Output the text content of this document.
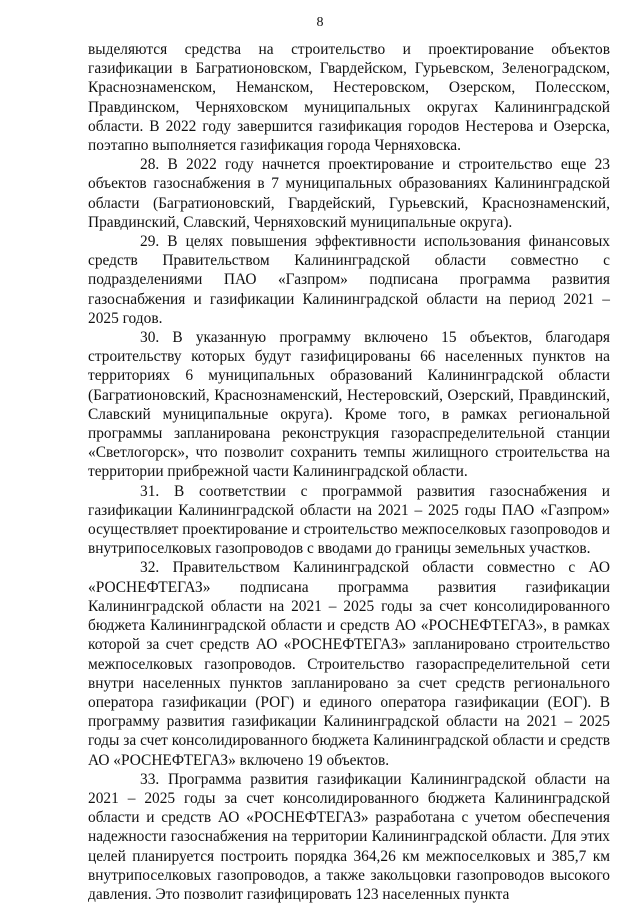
8

выделяются средства на строительство и проектирование объектов газификации в Багратионовском, Гвардейском, Гурьевском, Зеленоградском, Краснознаменском, Неманском, Нестеровском, Озерском, Полесском, Правдинском, Черняховском муниципальных округах Калининградской области. В 2022 году завершится газификация городов Нестерова и Озерска, поэтапно выполняется газификация города Черняховска.

28. В 2022 году начнется проектирование и строительство еще 23 объектов газоснабжения в 7 муниципальных образованиях Калининградской области (Багратионовский, Гвардейский, Гурьевский, Краснознаменский, Правдинский, Славский, Черняховский муниципальные округа).

29. В целях повышения эффективности использования финансовых средств Правительством Калининградской области совместно с подразделениями ПАО «Газпром» подписана программа развития газоснабжения и газификации Калининградской области на период 2021 – 2025 годов.

30. В указанную программу включено 15 объектов, благодаря строительству которых будут газифицированы 66 населенных пунктов на территориях 6 муниципальных образований Калининградской области (Багратионовский, Краснознаменский, Нестеровский, Озерский, Правдинский, Славский муниципальные округа). Кроме того, в рамках региональной программы запланирована реконструкция газораспределительной станции «Светлогорск», что позволит сохранить темпы жилищного строительства на территории прибрежной части Калининградской области.

31. В соответствии с программой развития газоснабжения и газификации Калининградской области на 2021 – 2025 годы ПАО «Газпром» осуществляет проектирование и строительство межпоселковых газопроводов и внутрипоселковых газопроводов с вводами до границы земельных участков.

32. Правительством Калининградской области совместно с АО «РОСНЕФТЕГАЗ» подписана программа развития газификации Калининградской области на 2021 – 2025 годы за счет консолидированного бюджета Калининградской области и средств АО «РОСНЕФТЕГАЗ», в рамках которой за счет средств АО «РОСНЕФТЕГАЗ» запланировано строительство межпоселковых газопроводов. Строительство газораспределительной сети внутри населенных пунктов запланировано за счет средств регионального оператора газификации (РОГ) и единого оператора газификации (ЕОГ). В программу развития газификации Калининградской области на 2021 – 2025 годы за счет консолидированного бюджета Калининградской области и средств АО «РОСНЕФТЕГАЗ» включено 19 объектов.

33. Программа развития газификации Калининградской области на 2021 – 2025 годы за счет консолидированного бюджета Калининградской области и средств АО «РОСНЕФТЕГАЗ» разработана с учетом обеспечения надежности газоснабжения на территории Калининградской области. Для этих целей планируется построить порядка 364,26 км межпоселковых и 385,7 км внутрипоселковых газопроводов, а также закольцовки газопроводов высокого давления. Это позволит газифицировать 123 населенных пункта
